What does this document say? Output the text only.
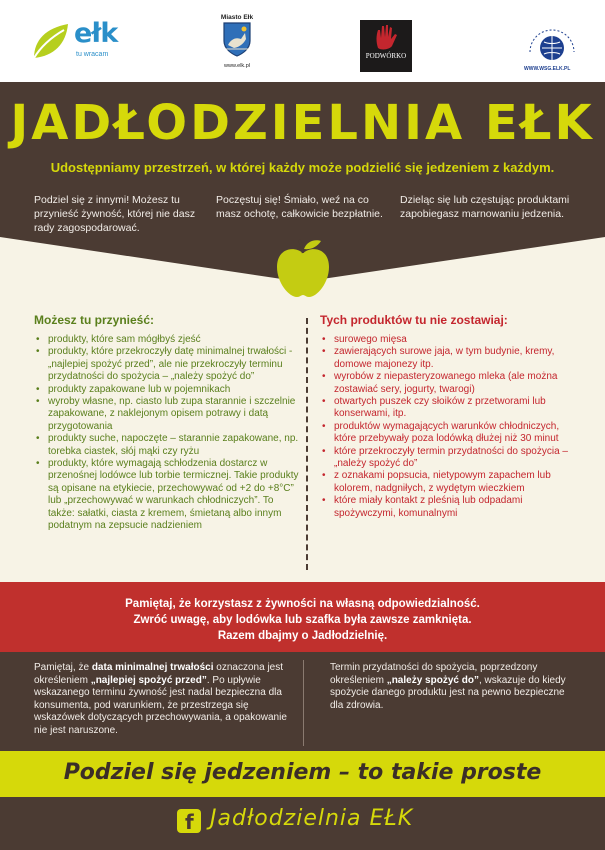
ełk
tu wracam
Miasto Ełk
www.elk.pl
PODWÓRKO
WWW.WSG.ELK.PL
JADŁODZIELNIA EŁK
Udostępniamy przestrzeń, w której każdy może podzielić się jedzeniem z każdym.
Podziel się z innymi! Możesz tu przynieść żywność, której nie dasz rady zagospodarować.
Poczęstuj się! Śmiało, weź na co masz ochotę, całkowicie bezpłatnie.
Dzieląc się lub częstując produktami zapobiegasz marnowaniu jedzenia.
Możesz tu przynieść:
• produkty, które sam mógłbyś zjeść
• produkty, które przekroczyły datę minimalnej trwałości - „najlepiej spożyć przed”, ale nie przekroczyły terminu przydatności do spożycia – „należy spożyć do”
• produkty zapakowane lub w pojemnikach
• wyroby własne, np. ciasto lub zupa starannie i szczelnie zapakowane, z naklejonym opisem potrawy i datą przygotowania
• produkty suche, napoczęte – starannie zapakowane, np. torebka ciastek, słój mąki czy ryżu
• produkty, które wymagają schłodzenia dostarcz w przenośnej lodówce lub torbie termicznej. Takie produkty są opisane na etykiecie, przechowywać od +2 do +8°C” lub „przechowywać w warunkach chłodniczych”. To także: sałatki, ciasta z kremem, śmietaną albo innym podatnym na zepsucie nadzieniem
Tych produktów tu nie zostawiaj:
• surowego mięsa
• zawierających surowe jaja, w tym budynie, kremy, domowe majonezy itp.
• wyrobów z niepasteryzowanego mleka (ale można zostawiać sery, jogurty, twarogi)
• otwartych puszek czy słoików z przetworami lub konserwami, itp.
• produktów wymagających warunków chłodniczych, które przebywały poza lodówką dłużej niż 30 minut
• które przekroczyły termin przydatności do spożycia – „należy spożyć do”
• z oznakami popsucia, nietypowym zapachem lub kolorem, nadgniłych, z wydętym wieczkiem
• które miały kontakt z pleśnią lub odpadami spożywczymi, komunalnymi
Pamiętaj, że korzystasz z żywności na własną odpowiedzialność.
Zwróć uwagę, aby lodówka lub szafka była zawsze zamknięta.
Razem dbajmy o Jadłodzielnię.
Pamiętaj, że data minimalnej trwałości oznaczona jest określeniem „najlepiej spożyć przed”. Po upływie wskazanego terminu żywność jest nadal bezpieczna dla konsumenta, pod warunkiem, że przestrzega się wskazówek dotyczących przechowywania, a opakowanie nie jest naruszone.
Termin przydatności do spożycia, poprzedzony określeniem „należy spożyć do”, wskazuje do kiedy spożycie danego produktu jest na pewno bezpieczne dla zdrowia.
Podziel się jedzeniem – to takie proste
f Jadłodzielnia EŁK
